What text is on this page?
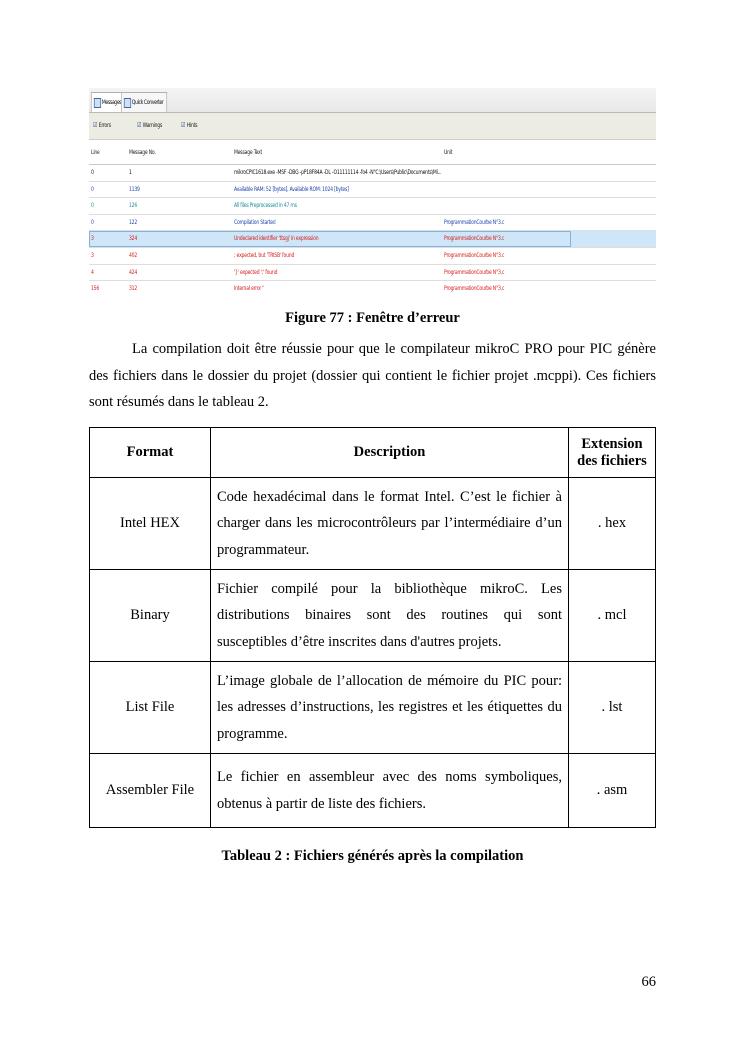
Messages	Quick Converter
☑Errors	☑Warnings	☑Hints
Line	Message No.	Message Text	Unit
0	1	mikroCPIC1618.exe -MSF -DBG -pP18F84A -DL -O11111114 -fo4 -N"C:\Users\Public\Documents\Mi...
0	1139	Available RAM: 52 [bytes], Available ROM: 1024 [bytes]
0	126	All files Preprocessed in 47 ms
0	122	Compilation Started	ProgrammationCourbe N°3.c
3	324	Undeclared identifier 'ttsgj' in expression	ProgrammationCourbe N°3.c
3	402	; expected, but 'TRISB' found	ProgrammationCourbe N°3.c
4	424	'}' expected ';' found	ProgrammationCourbe N°3.c
156	312	Internal error ''	ProgrammationCourbe N°3.c
Figure 77 : Fenêtre d’erreur
La compilation doit être réussie pour que le compilateur mikroC PRO pour PIC génère des fichiers dans le dossier du projet (dossier qui contient le fichier projet .mcppi). Ces fichiers sont résumés dans le tableau 2.
Format	Description	Extension des fichiers
Intel HEX	Code hexadécimal dans le format Intel. C’est le fichier à charger dans les microcontrôleurs par l’intermédiaire d’un programmateur.	. hex
Binary	Fichier compilé pour la bibliothèque mikroC. Les distributions binaires sont des routines qui sont susceptibles d’être inscrites dans d'autres projets.	. mcl
List File	L’image globale de l’allocation de mémoire du PIC pour: les adresses d’instructions, les registres et les étiquettes du programme.	. lst
Assembler File	Le fichier en assembleur avec des noms symboliques, obtenus à partir de liste des fichiers.	. asm
Tableau 2 : Fichiers générés après la compilation
66
